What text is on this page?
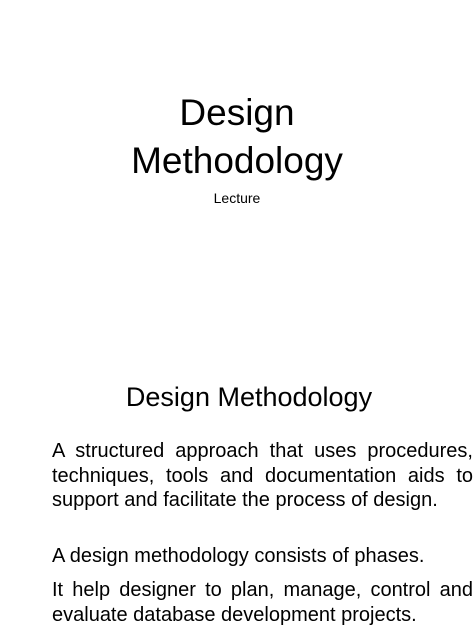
Design
Methodology
Lecture
Design Methodology

A structured approach that uses procedures, techniques, tools and documentation aids to support and facilitate the process of design.

A design methodology consists of phases.

It help designer to plan, manage, control and evaluate database development projects.
